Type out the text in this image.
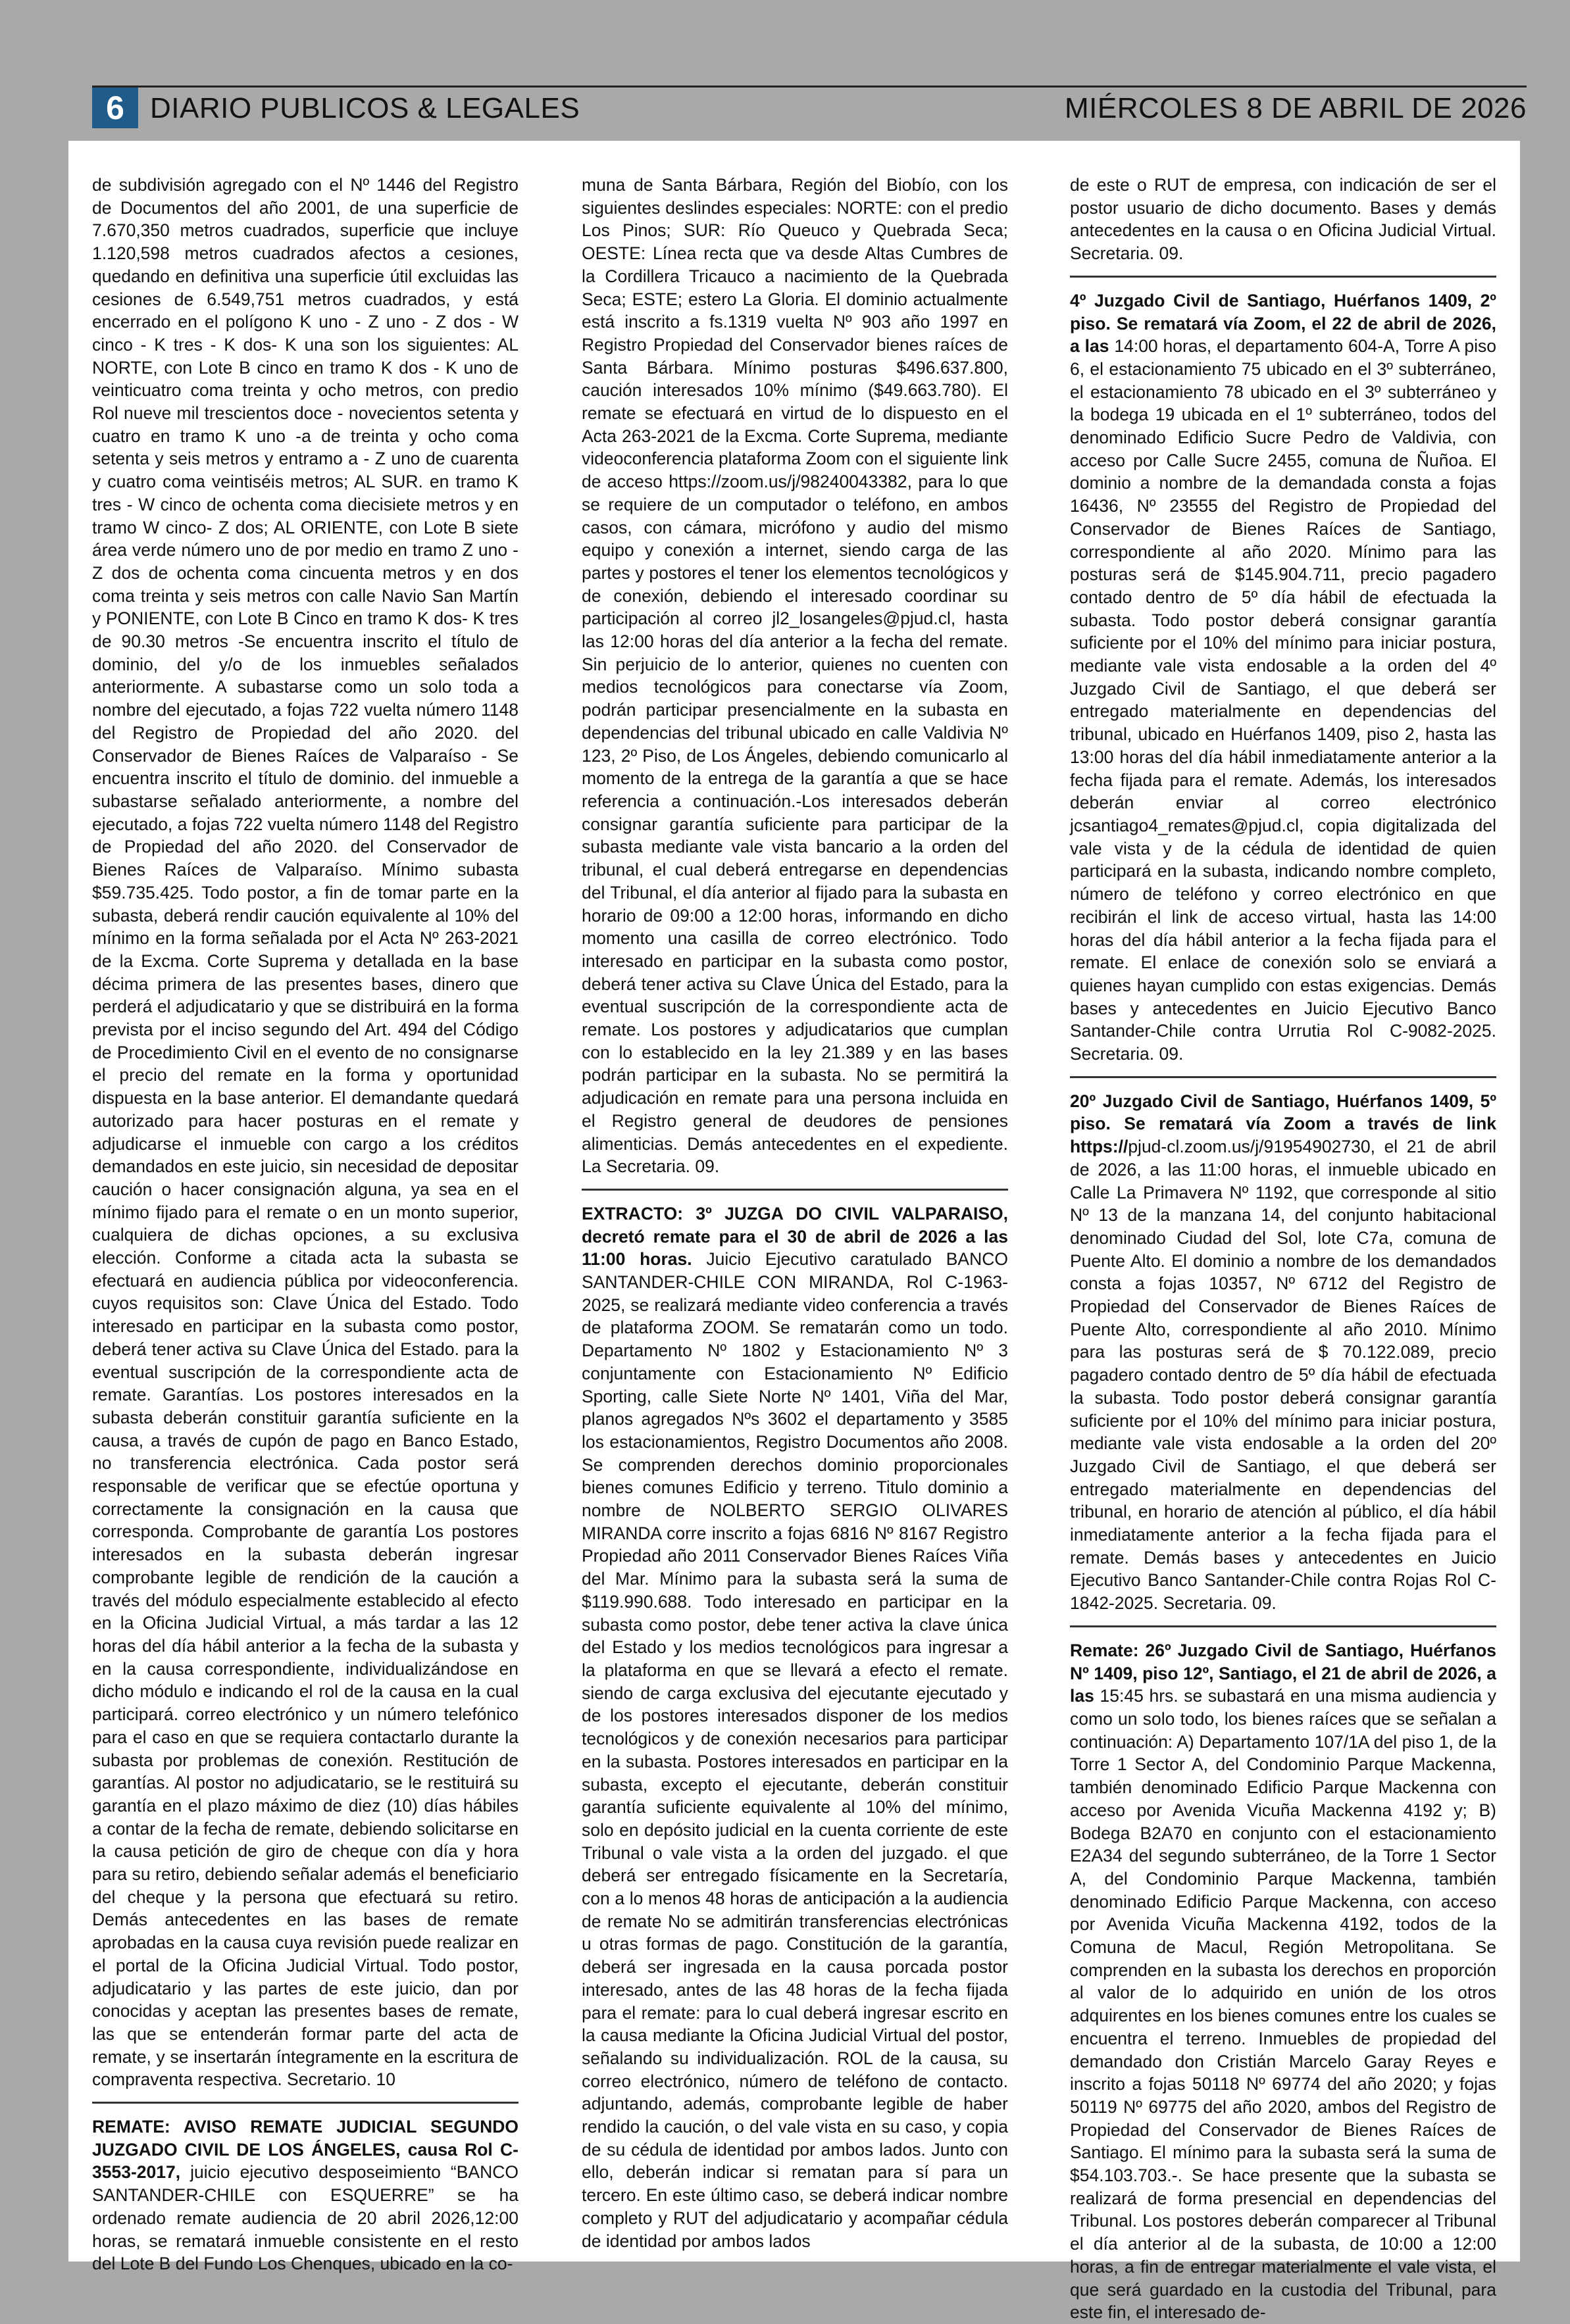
6 DIARIO PUBLICOS & LEGALES	MIÉRCOLES 8 DE ABRIL DE 2026

de subdivisión agregado con el Nº 1446 del Registro de Documentos del año 2001, de una superficie de 7.670,350 metros cuadrados, superficie que incluye 1.120,598 metros cuadrados afectos a cesiones, quedando en definitiva una superficie útil excluidas las cesiones de 6.549,751 metros cuadrados, y está encerrado en el polígono K uno - Z uno - Z dos - W cinco - K tres - K dos- K una son los siguientes: AL NORTE, con Lote B cinco en tramo K dos - K uno de veinticuatro coma treinta y ocho metros, con predio Rol nueve mil trescientos doce - novecientos setenta y cuatro en tramo K uno -a de treinta y ocho coma setenta y seis metros y entramo a - Z uno de cuarenta y cuatro coma veintiséis metros; AL SUR. en tramo K tres - W cinco de ochenta coma diecisiete metros y en tramo W cinco- Z dos; AL ORIENTE, con Lote B siete área verde número uno de por medio en tramo Z uno - Z dos de ochenta coma cincuenta metros y en dos coma treinta y seis metros con calle Navio San Martín y PONIENTE, con Lote B Cinco en tramo K dos- K tres de 90.30 metros -Se encuentra inscrito el título de dominio, del y/o de los inmuebles señalados anteriormente. A subastarse como un solo toda a nombre del ejecutado, a fojas 722 vuelta número 1148 del Registro de Propiedad del año 2020. del Conservador de Bienes Raíces de Valparaíso - Se encuentra inscrito el título de dominio. del inmueble a subastarse señalado anteriormente, a nombre del ejecutado, a fojas 722 vuelta número 1148 del Registro de Propiedad del año 2020. del Conservador de Bienes Raíces de Valparaíso. Mínimo subasta $59.735.425. Todo postor, a fin de tomar parte en la subasta, deberá rendir caución equivalente al 10% del mínimo en la forma señalada por el Acta Nº 263-2021 de la Excma. Corte Suprema y detallada en la base décima primera de las presentes bases, dinero que perderá el adjudicatario y que se distribuirá en la forma prevista por el inciso segundo del Art. 494 del Código de Procedimiento Civil en el evento de no consignarse el precio del remate en la forma y oportunidad dispuesta en la base anterior. El demandante quedará autorizado para hacer posturas en el remate y adjudicarse el inmueble con cargo a los créditos demandados en este juicio, sin necesidad de depositar caución o hacer consignación alguna, ya sea en el mínimo fijado para el remate o en un monto superior, cualquiera de dichas opciones, a su exclusiva elección. Conforme a citada acta la subasta se efectuará en audiencia pública por videoconferencia. cuyos requisitos son: Clave Única del Estado. Todo interesado en participar en la subasta como postor, deberá tener activa su Clave Única del Estado. para la eventual suscripción de la correspondiente acta de remate. Garantías. Los postores interesados en la subasta deberán constituir garantía suficiente en la causa, a través de cupón de pago en Banco Estado, no transferencia electrónica. Cada postor será responsable de verificar que se efectúe oportuna y correctamente la consignación en la causa que corresponda. Comprobante de garantía Los postores interesados en la subasta deberán ingresar comprobante legible de rendición de la caución a través del módulo especialmente establecido al efecto en la Oficina Judicial Virtual, a más tardar a las 12 horas del día hábil anterior a la fecha de la subasta y en la causa correspondiente, individualizándose en dicho módulo e indicando el rol de la causa en la cual participará. correo electrónico y un número telefónico para el caso en que se requiera contactarlo durante la subasta por problemas de conexión. Restitución de garantías. Al postor no adjudicatario, se le restituirá su garantía en el plazo máximo de diez (10) días hábiles a contar de la fecha de remate, debiendo solicitarse en la causa petición de giro de cheque con día y hora para su retiro, debiendo señalar además el beneficiario del cheque y la persona que efectuará su retiro. Demás antecedentes en las bases de remate aprobadas en la causa cuya revisión puede realizar en el portal de la Oficina Judicial Virtual. Todo postor, adjudicatario y las partes de este juicio, dan por conocidas y aceptan las presentes bases de remate, las que se entenderán formar parte del acta de remate, y se insertarán íntegramente en la escritura de compraventa respectiva. Secretario. 10

REMATE: AVISO REMATE JUDICIAL SEGUNDO JUZGADO CIVIL DE LOS ÁNGELES, causa Rol C-3553-2017, juicio ejecutivo desposeimiento “BANCO SANTANDER-CHILE con ESQUERRE” se ha ordenado remate audiencia de 20 abril 2026,12:00 horas, se rematará inmueble consistente en el resto del Lote B del Fundo Los Chenques, ubicado en la co-

muna de Santa Bárbara, Región del Biobío, con los siguientes deslindes especiales: NORTE: con el predio Los Pinos; SUR: Río Queuco y Quebrada Seca; OESTE: Línea recta que va desde Altas Cumbres de la Cordillera Tricauco a nacimiento de la Quebrada Seca; ESTE; estero La Gloria. El dominio actualmente está inscrito a fs.1319 vuelta Nº 903 año 1997 en Registro Propiedad del Conservador bienes raíces de Santa Bárbara. Mínimo posturas $496.637.800, caución interesados 10% mínimo ($49.663.780). El remate se efectuará en virtud de lo dispuesto en el Acta 263-2021 de la Excma. Corte Suprema, mediante videoconferencia plataforma Zoom con el siguiente link de acceso https://zoom.us/j/98240043382, para lo que se requiere de un computador o teléfono, en ambos casos, con cámara, micrófono y audio del mismo equipo y conexión a internet, siendo carga de las partes y postores el tener los elementos tecnológicos y de conexión, debiendo el interesado coordinar su participación al correo jl2_losangeles@pjud.cl, hasta las 12:00 horas del día anterior a la fecha del remate. Sin perjuicio de lo anterior, quienes no cuenten con medios tecnológicos para conectarse vía Zoom, podrán participar presencialmente en la subasta en dependencias del tribunal ubicado en calle Valdivia Nº 123, 2º Piso, de Los Ángeles, debiendo comunicarlo al momento de la entrega de la garantía a que se hace referencia a continuación.-Los interesados deberán consignar garantía suficiente para participar de la subasta mediante vale vista bancario a la orden del tribunal, el cual deberá entregarse en dependencias del Tribunal, el día anterior al fijado para la subasta en horario de 09:00 a 12:00 horas, informando en dicho momento una casilla de correo electrónico. Todo interesado en participar en la subasta como postor, deberá tener activa su Clave Única del Estado, para la eventual suscripción de la correspondiente acta de remate. Los postores y adjudicatarios que cumplan con lo establecido en la ley 21.389 y en las bases podrán participar en la subasta. No se permitirá la adjudicación en remate para una persona incluida en el Registro general de deudores de pensiones alimenticias. Demás antecedentes en el expediente. La Secretaria. 09.

EXTRACTO: 3º JUZGA DO CIVIL VALPARAISO, decretó remate para el 30 de abril de 2026 a las 11:00 horas. Juicio Ejecutivo caratulado BANCO SANTANDER-CHILE CON MIRANDA, Rol C-1963-2025, se realizará mediante video conferencia a través de plataforma ZOOM. Se rematarán como un todo. Departamento Nº 1802 y Estacionamiento Nº 3 conjuntamente con Estacionamiento Nº Edificio Sporting, calle Siete Norte Nº 1401, Viña del Mar, planos agregados Nºs 3602 el departamento y 3585 los estacionamientos, Registro Documentos año 2008. Se comprenden derechos dominio proporcionales bienes comunes Edificio y terreno. Titulo dominio a nombre de NOLBERTO SERGIO OLIVARES MIRANDA corre inscrito a fojas 6816 Nº 8167 Registro Propiedad año 2011 Conservador Bienes Raíces Viña del Mar. Mínimo para la subasta será la suma de $119.990.688. Todo interesado en participar en la subasta como postor, debe tener activa la clave única del Estado y los medios tecnológicos para ingresar a la plataforma en que se llevará a efecto el remate. siendo de carga exclusiva del ejecutante ejecutado y de los postores interesados disponer de los medios tecnológicos y de conexión necesarios para participar en la subasta. Postores interesados en participar en la subasta, excepto el ejecutante, deberán constituir garantía suficiente equivalente al 10% del mínimo, solo en depósito judicial en la cuenta corriente de este Tribunal o vale vista a la orden del juzgado. el que deberá ser entregado físicamente en la Secretaría, con a lo menos 48 horas de anticipación a la audiencia de remate No se admitirán transferencias electrónicas u otras formas de pago. Constitución de la garantía, deberá ser ingresada en la causa porcada postor interesado, antes de las 48 horas de la fecha fijada para el remate: para lo cual deberá ingresar escrito en la causa mediante la Oficina Judicial Virtual del postor, señalando su individualización. ROL de la causa, su correo electrónico, número de teléfono de contacto. adjuntando, además, comprobante legible de haber rendido la caución, o del vale vista en su caso, y copia de su cédula de identidad por ambos lados. Junto con ello, deberán indicar si rematan para sí para un tercero. En este último caso, se deberá indicar nombre completo y RUT del adjudicatario y acompañar cédula de identidad por ambos lados

de este o RUT de empresa, con indicación de ser el postor usuario de dicho documento. Bases y demás antecedentes en la causa o en Oficina Judicial Virtual. Secretaria. 09.

4º Juzgado Civil de Santiago, Huérfanos 1409, 2º piso. Se rematará vía Zoom, el 22 de abril de 2026, a las 14:00 horas, el departamento 604-A, Torre A piso 6, el estacionamiento 75 ubicado en el 3º subterráneo, el estacionamiento 78 ubicado en el 3º subterráneo y la bodega 19 ubicada en el 1º subterráneo, todos del denominado Edificio Sucre Pedro de Valdivia, con acceso por Calle Sucre 2455, comuna de Ñuñoa. El dominio a nombre de la demandada consta a fojas 16436, Nº 23555 del Registro de Propiedad del Conservador de Bienes Raíces de Santiago, correspondiente al año 2020. Mínimo para las posturas será de $145.904.711, precio pagadero contado dentro de 5º día hábil de efectuada la subasta. Todo postor deberá consignar garantía suficiente por el 10% del mínimo para iniciar postura, mediante vale vista endosable a la orden del 4º Juzgado Civil de Santiago, el que deberá ser entregado materialmente en dependencias del tribunal, ubicado en Huérfanos 1409, piso 2, hasta las 13:00 horas del día hábil inmediatamente anterior a la fecha fijada para el remate. Además, los interesados deberán enviar al correo electrónico jcsantiago4_remates@pjud.cl, copia digitalizada del vale vista y de la cédula de identidad de quien participará en la subasta, indicando nombre completo, número de teléfono y correo electrónico en que recibirán el link de acceso virtual, hasta las 14:00 horas del día hábil anterior a la fecha fijada para el remate. El enlace de conexión solo se enviará a quienes hayan cumplido con estas exigencias. Demás bases y antecedentes en Juicio Ejecutivo Banco Santander-Chile contra Urrutia Rol C-9082-2025. Secretaria. 09.

20º Juzgado Civil de Santiago, Huérfanos 1409, 5º piso. Se rematará vía Zoom a través de link https://pjud-cl.zoom.us/j/91954902730, el 21 de abril de 2026, a las 11:00 horas, el inmueble ubicado en Calle La Primavera Nº 1192, que corresponde al sitio Nº 13 de la manzana 14, del conjunto habitacional denominado Ciudad del Sol, lote C7a, comuna de Puente Alto. El dominio a nombre de los demandados consta a fojas 10357, Nº 6712 del Registro de Propiedad del Conservador de Bienes Raíces de Puente Alto, correspondiente al año 2010. Mínimo para las posturas será de $ 70.122.089, precio pagadero contado dentro de 5º día hábil de efectuada la subasta. Todo postor deberá consignar garantía suficiente por el 10% del mínimo para iniciar postura, mediante vale vista endosable a la orden del 20º Juzgado Civil de Santiago, el que deberá ser entregado materialmente en dependencias del tribunal, en horario de atención al público, el día hábil inmediatamente anterior a la fecha fijada para el remate. Demás bases y antecedentes en Juicio Ejecutivo Banco Santander-Chile contra Rojas Rol C-1842-2025. Secretaria. 09.

Remate: 26º Juzgado Civil de Santiago, Huérfanos Nº 1409, piso 12º, Santiago, el 21 de abril de 2026, a las 15:45 hrs. se subastará en una misma audiencia y como un solo todo, los bienes raíces que se señalan a continuación: A) Departamento 107/1A del piso 1, de la Torre 1 Sector A, del Condominio Parque Mackenna, también denominado Edificio Parque Mackenna con acceso por Avenida Vicuña Mackenna 4192 y; B) Bodega B2A70 en conjunto con el estacionamiento E2A34 del segundo subterráneo, de la Torre 1 Sector A, del Condominio Parque Mackenna, también denominado Edificio Parque Mackenna, con acceso por Avenida Vicuña Mackenna 4192, todos de la Comuna de Macul, Región Metropolitana. Se comprenden en la subasta los derechos en proporción al valor de lo adquirido en unión de los otros adquirentes en los bienes comunes entre los cuales se encuentra el terreno. Inmuebles de propiedad del demandado don Cristián Marcelo Garay Reyes e inscrito a fojas 50118 Nº 69774 del año 2020; y fojas 50119 Nº 69775 del año 2020, ambos del Registro de Propiedad del Conservador de Bienes Raíces de Santiago. El mínimo para la subasta será la suma de $54.103.703.-. Se hace presente que la subasta se realizará de forma presencial en dependencias del Tribunal. Los postores deberán comparecer al Tribunal el día anterior al de la subasta, de 10:00 a 12:00 horas, a fin de entregar materialmente el vale vista, el que será guardado en la custodia del Tribunal, para este fin, el interesado de-
